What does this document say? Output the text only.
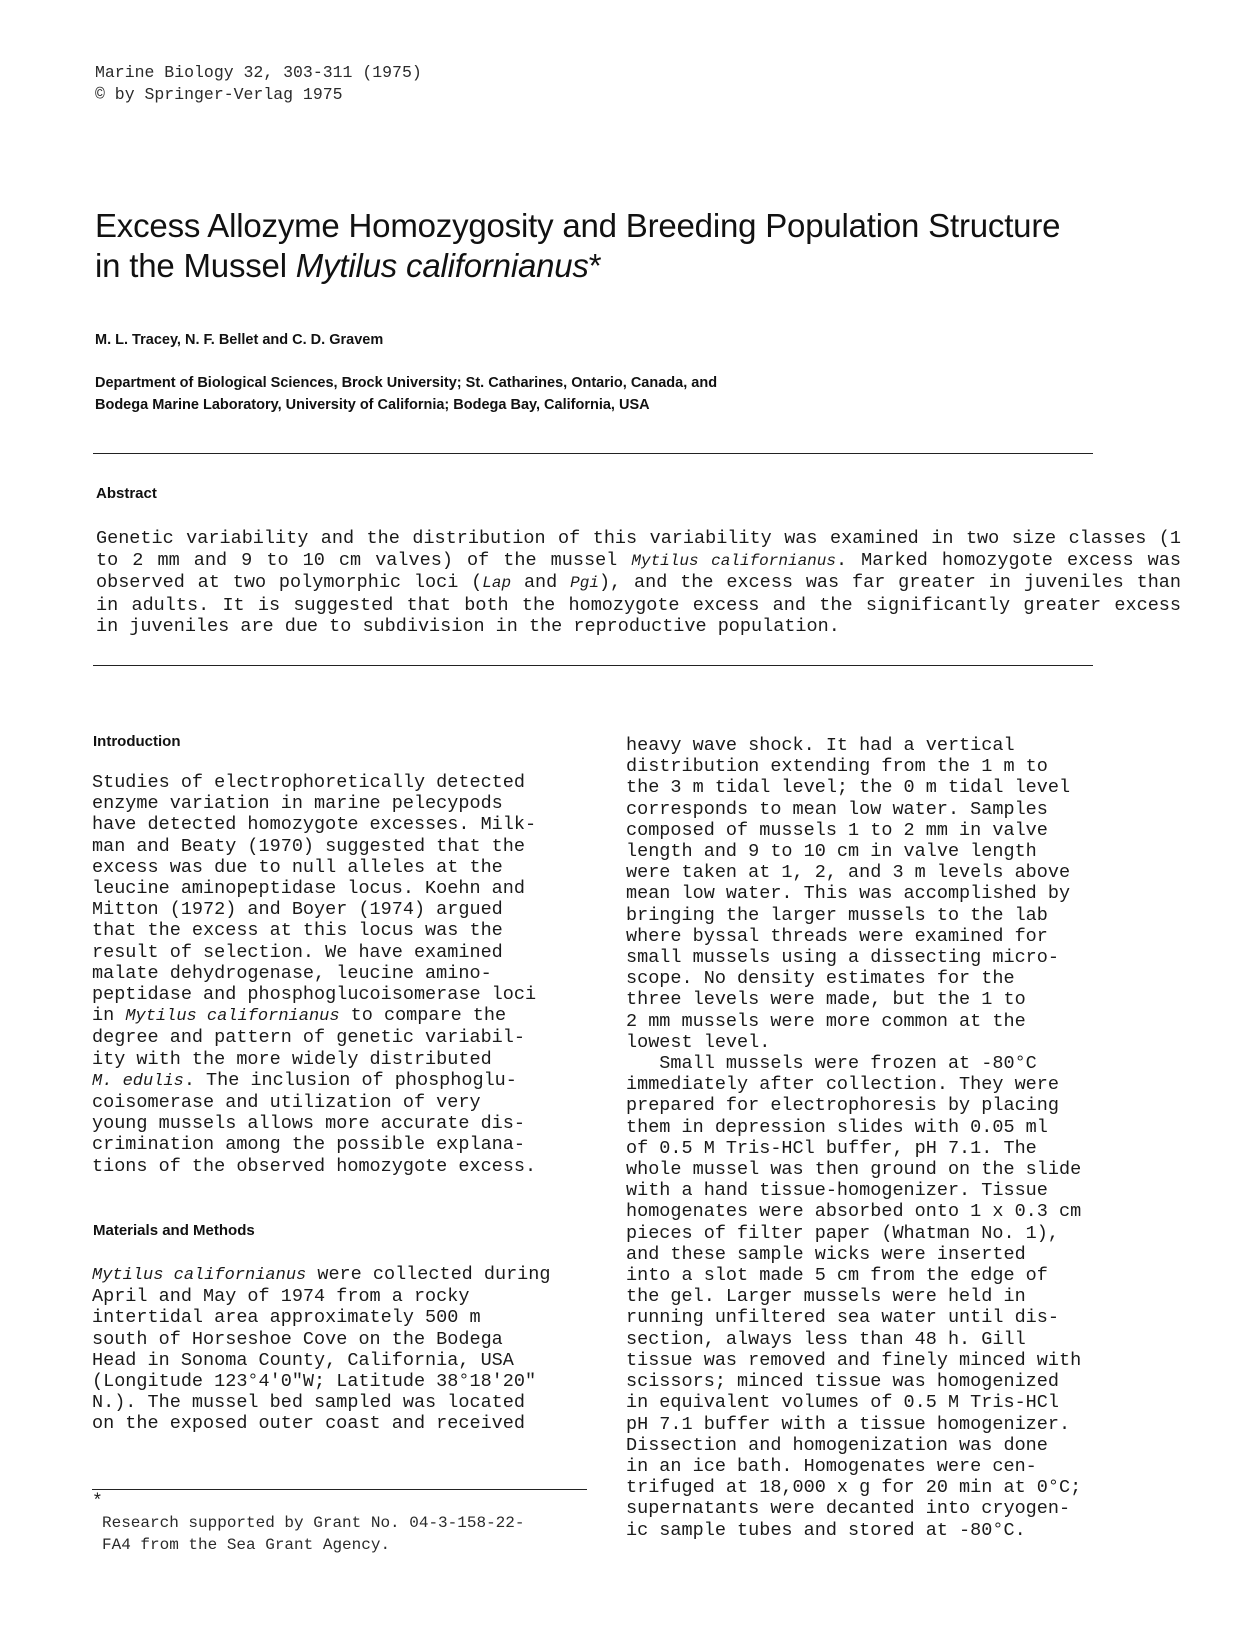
Marine Biology 32, 303-311 (1975)
© by Springer-Verlag 1975
Excess Allozyme Homozygosity and Breeding Population Structure
in the Mussel Mytilus californianus*
M. L. Tracey, N. F. Bellet and C. D. Gravem
Department of Biological Sciences, Brock University; St. Catharines, Ontario, Canada, and
Bodega Marine Laboratory, University of California; Bodega Bay, California, USA
Abstract
Genetic variability and the distribution of this variability was examined in two size classes (1 to 2 mm and 9 to 10 cm valves) of the mussel Mytilus californianus. Marked homozygote excess was observed at two polymorphic loci (Lap and Pgi), and the excess was far greater in juveniles than in adults. It is suggested that both the homozygote excess and the significantly greater excess in juveniles are due to subdivision in the reproductive population.
Introduction
Studies of electrophoretically detected
enzyme variation in marine pelecypods
have detected homozygote excesses. Milk-
man and Beaty (1970) suggested that the
excess was due to null alleles at the
leucine aminopeptidase locus. Koehn and
Mitton (1972) and Boyer (1974) argued
that the excess at this locus was the
result of selection. We have examined
malate dehydrogenase, leucine amino-
peptidase and phosphoglucoisomerase loci
in Mytilus californianus to compare the
degree and pattern of genetic variabil-
ity with the more widely distributed
M. edulis. The inclusion of phosphoglu-
coisomerase and utilization of very
young mussels allows more accurate dis-
crimination among the possible explana-
tions of the observed homozygote excess.
Materials and Methods
Mytilus californianus were collected during
April and May of 1974 from a rocky
intertidal area approximately 500 m
south of Horseshoe Cove on the Bodega
Head in Sonoma County, California, USA
(Longitude 123°4'0"W; Latitude 38°18'20"
N.). The mussel bed sampled was located
on the exposed outer coast and received
*
Research supported by Grant No. 04-3-158-22-
FA4 from the Sea Grant Agency.
heavy wave shock. It had a vertical
distribution extending from the 1 m to
the 3 m tidal level; the 0 m tidal level
corresponds to mean low water. Samples
composed of mussels 1 to 2 mm in valve
length and 9 to 10 cm in valve length
were taken at 1, 2, and 3 m levels above
mean low water. This was accomplished by
bringing the larger mussels to the lab
where byssal threads were examined for
small mussels using a dissecting micro-
scope. No density estimates for the
three levels were made, but the 1 to
2 mm mussels were more common at the
lowest level.
Small mussels were frozen at -80°C
immediately after collection. They were
prepared for electrophoresis by placing
them in depression slides with 0.05 ml
of 0.5 M Tris-HCl buffer, pH 7.1. The
whole mussel was then ground on the slide
with a hand tissue-homogenizer. Tissue
homogenates were absorbed onto 1 x 0.3 cm
pieces of filter paper (Whatman No. 1),
and these sample wicks were inserted
into a slot made 5 cm from the edge of
the gel. Larger mussels were held in
running unfiltered sea water until dis-
section, always less than 48 h. Gill
tissue was removed and finely minced with
scissors; minced tissue was homogenized
in equivalent volumes of 0.5 M Tris-HCl
pH 7.1 buffer with a tissue homogenizer.
Dissection and homogenization was done
in an ice bath. Homogenates were cen-
trifuged at 18,000 x g for 20 min at 0°C;
supernatants were decanted into cryogen-
ic sample tubes and stored at -80°C.
